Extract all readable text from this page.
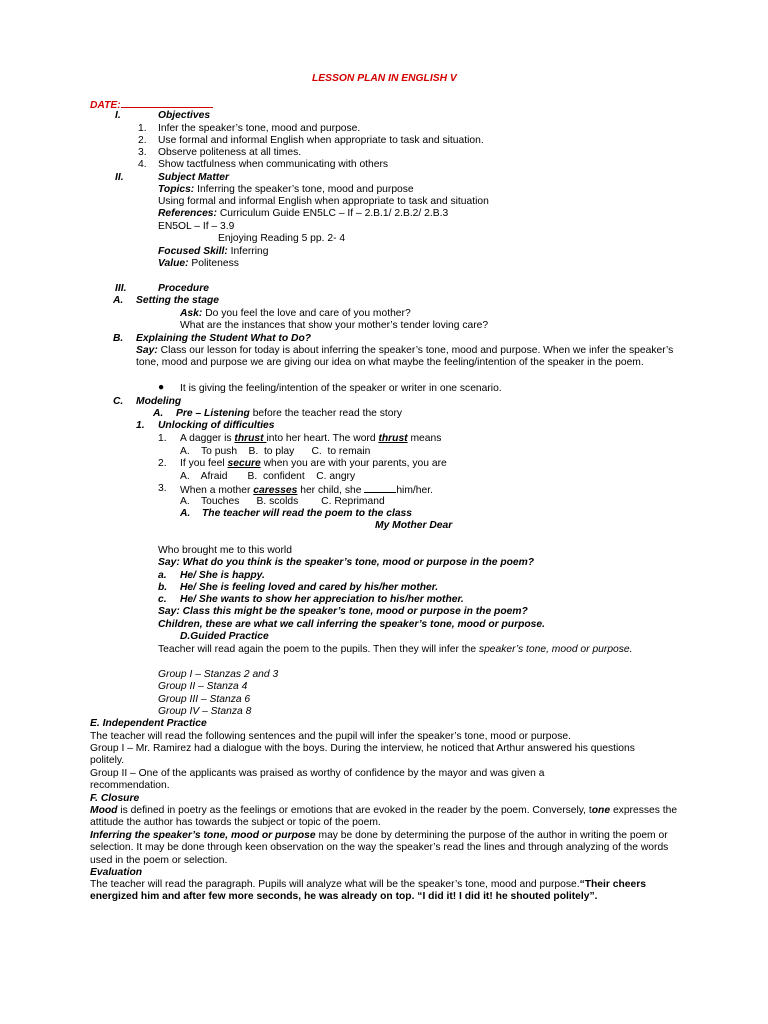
LESSON PLAN IN ENGLISH V
DATE:
I.	Objectives
1. Infer the speaker’s tone, mood and purpose.
2. Use formal and informal English when appropriate to task and situation.
3. Observe politeness at all times.
4. Show tactfulness when communicating with others
II.	Subject Matter
Topics: Inferring the speaker’s tone, mood and purpose
Using formal and informal English when appropriate to task and situation
References: Curriculum Guide EN5LC – If – 2.B.1/ 2.B.2/ 2.B.3
EN5OL – If – 3.9
Enjoying Reading 5 pp. 2- 4
Focused Skill: Inferring
Value: Politeness
III.	Procedure
A. Setting the stage
Ask: Do you feel the love and care of you mother?
What are the instances that show your mother’s tender loving care?
B. Explaining the Student What to Do?
Say: Class our lesson for today is about inferring the speaker’s tone, mood and purpose. When we infer the speaker’s tone, mood and purpose we are giving our idea on what maybe the feeling/intention of the speaker in the poem.
● It is giving the feeling/intention of the speaker or writer in one scenario.
C. Modeling
A. Pre – Listening before the teacher read the story
1. Unlocking of difficulties
1. A dagger is thrust into her heart. The word thrust means
A.    To push    B.  to play      C.  to remain
2. If you feel secure when you are with your parents, you are
A.    Afraid       B.  confident    C. angry
3. When a mother caresses her child, she	him/her.
A.    Touches      B. scolds        C. Reprimand
A. The teacher will read the poem to the class
My Mother Dear
Who brought me to this world
Say: What do you think is the speaker’s tone, mood or purpose in the poem?
a. He/ She is happy.
b. He/ She is feeling loved and cared by his/her mother.
c. He/ She wants to show her appreciation to his/her mother.
Say: Class this might be the speaker’s tone, mood or purpose in the poem?
Children, these are what we call inferring the speaker’s tone, mood or purpose.
D.Guided Practice
Teacher will read again the poem to the pupils. Then they will infer the speaker’s tone, mood or purpose.
Group I – Stanzas 2 and 3
Group II – Stanza 4
Group III – Stanza 6
Group IV – Stanza 8
E. Independent Practice
The teacher will read the following sentences and the pupil will infer the speaker’s tone, mood or purpose.
Group I – Mr. Ramirez had a dialogue with the boys. During the interview, he noticed that Arthur answered his questions politely.
Group II – One of the applicants was praised as worthy of confidence by the mayor and was given a recommendation.
F. Closure
Mood is defined in poetry as the feelings or emotions that are evoked in the reader by the poem. Conversely, tone expresses the attitude the author has towards the subject or topic of the poem.
Inferring the speaker’s tone, mood or purpose may be done by determining the purpose of the author in writing the poem or selection. It may be done through keen observation on the way the speaker’s read the lines and through analyzing of the words used in the poem or selection.
Evaluation
The teacher will read the paragraph. Pupils will analyze what will be the speaker’s tone, mood and purpose.“Their cheers energized him and after few more seconds, he was already on top. “I did it! I did it! he shouted politely”.
